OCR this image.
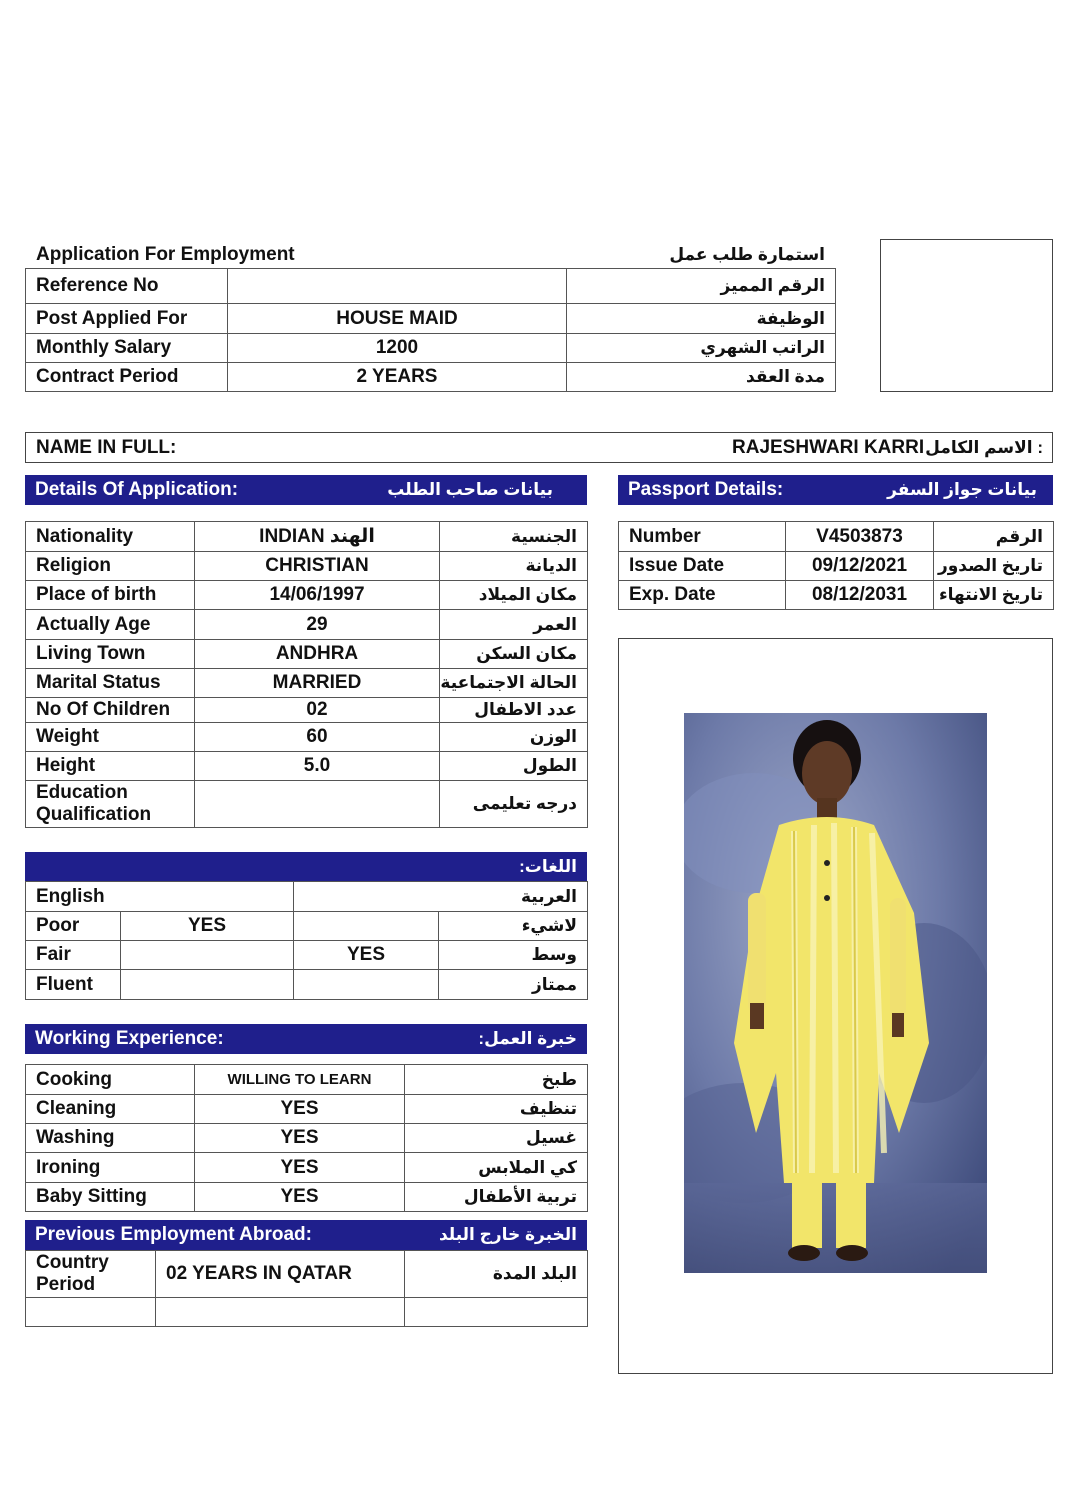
Application For Employment	استمارة طلب عمل
Reference No		الرقم المميز
Post Applied For	HOUSE MAID	الوظيفة
Monthly Salary	1200	الراتب الشهري
Contract Period	2 YEARS	مدة العقد
NAME IN FULL:	RAJESHWARI KARRI : الاسم الكامل
Details Of Application:	بيانات صاحب الطلب
Nationality	INDIAN الهند	الجنسية
Religion	CHRISTIAN	الديانة
Place of birth	14/06/1997	مكان الميلاد
Actually Age	29	العمر
Living Town	ANDHRA	مكان السكن
Marital Status	MARRIED	الحالة الاجتماعية
No Of Children	02	عدد الاطفال
Weight	60	الوزن
Height	5.0	الطول
Education Qualification		درجه تعليمى
Passport Details:	بيانات جواز السفر
Number	V4503873	الرقم
Issue Date	09/12/2021	تاريخ الصدور
Exp. Date	08/12/2031	تاريخ الانتهاء
اللغات:
English		العربية	
Poor	YES		لاشيء
Fair		YES	وسط
Fluent			ممتاز
Working Experience:	خبرة العمل:
Cooking	WILLING TO LEARN	طبخ
Cleaning	YES	تنظيف
Washing	YES	غسيل
Ironing	YES	كي الملابس
Baby Sitting	YES	تربية الأطفال
Previous Employment Abroad:	الخبرة خارج البلد
Country
Period	02 YEARS IN QATAR	البلد المدة
